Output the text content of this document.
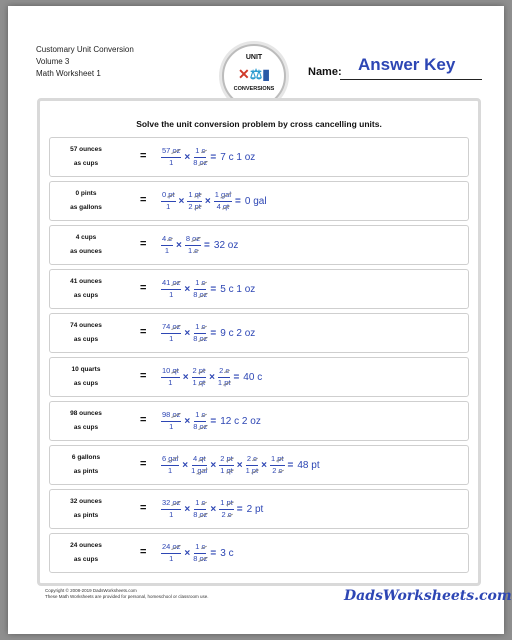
Customary Unit Conversion
Volume 3
Math Worksheet 1
UNIT
✕⚖▮
CONVERSIONS
Name: Answer Key
Solve the unit conversion problem by cross cancelling units.
57 ounces
as cups
= $\frac{57 oz}{1} \times \frac{1 c}{8 oz} = 7$ c 1 oz
0 pints
as gallons
= $\frac{0 pt}{1} \times \frac{1 qt}{2 pt} \times \frac{\text{1 gal}}{4 qt} = 0$ gal
4 cups
as ounces
= $\frac{4 c}{1} \times \frac{8 oz}{1 c} = 32$ oz
41 ounces
as cups
= $\frac{41 oz}{1} \times \frac{1 c}{8 oz} = 5$ c 1 oz
74 ounces
as cups
= $\frac{74 oz}{1} \times \frac{1 c}{8 oz} = 9$ c 2 oz
10 quarts
as cups
= $\frac{10 qt}{1} \times \frac{2 pt}{1 qt} \times \frac{2 c}{1 pt} = 40$ c
98 ounces
as cups
= $\frac{98 oz}{1} \times \frac{1 c}{8 oz} = 12$ c 2 oz
6 gallons
as pints
= $\frac{\text{6 gal}}{1} \times \frac{4 qt}{\text{1 gal}} \times \frac{2 pt}{1 qt} \times \frac{2 c}{1 pt} \times \frac{1 pt}{2 c} = 48$ pt
32 ounces
as pints
= $\frac{32 oz}{1} \times \frac{1 c}{8 oz} \times \frac{1 pt}{2 c} = 2$ pt
24 ounces
as cups
= $\frac{24 oz}{1} \times \frac{1 c}{8 oz} = 3$ c
Copyright © 2008-2019 DadsWorksheets.com
These Math Worksheets are provided for personal, homeschool or classroom use.	DadsWorksheets.com
